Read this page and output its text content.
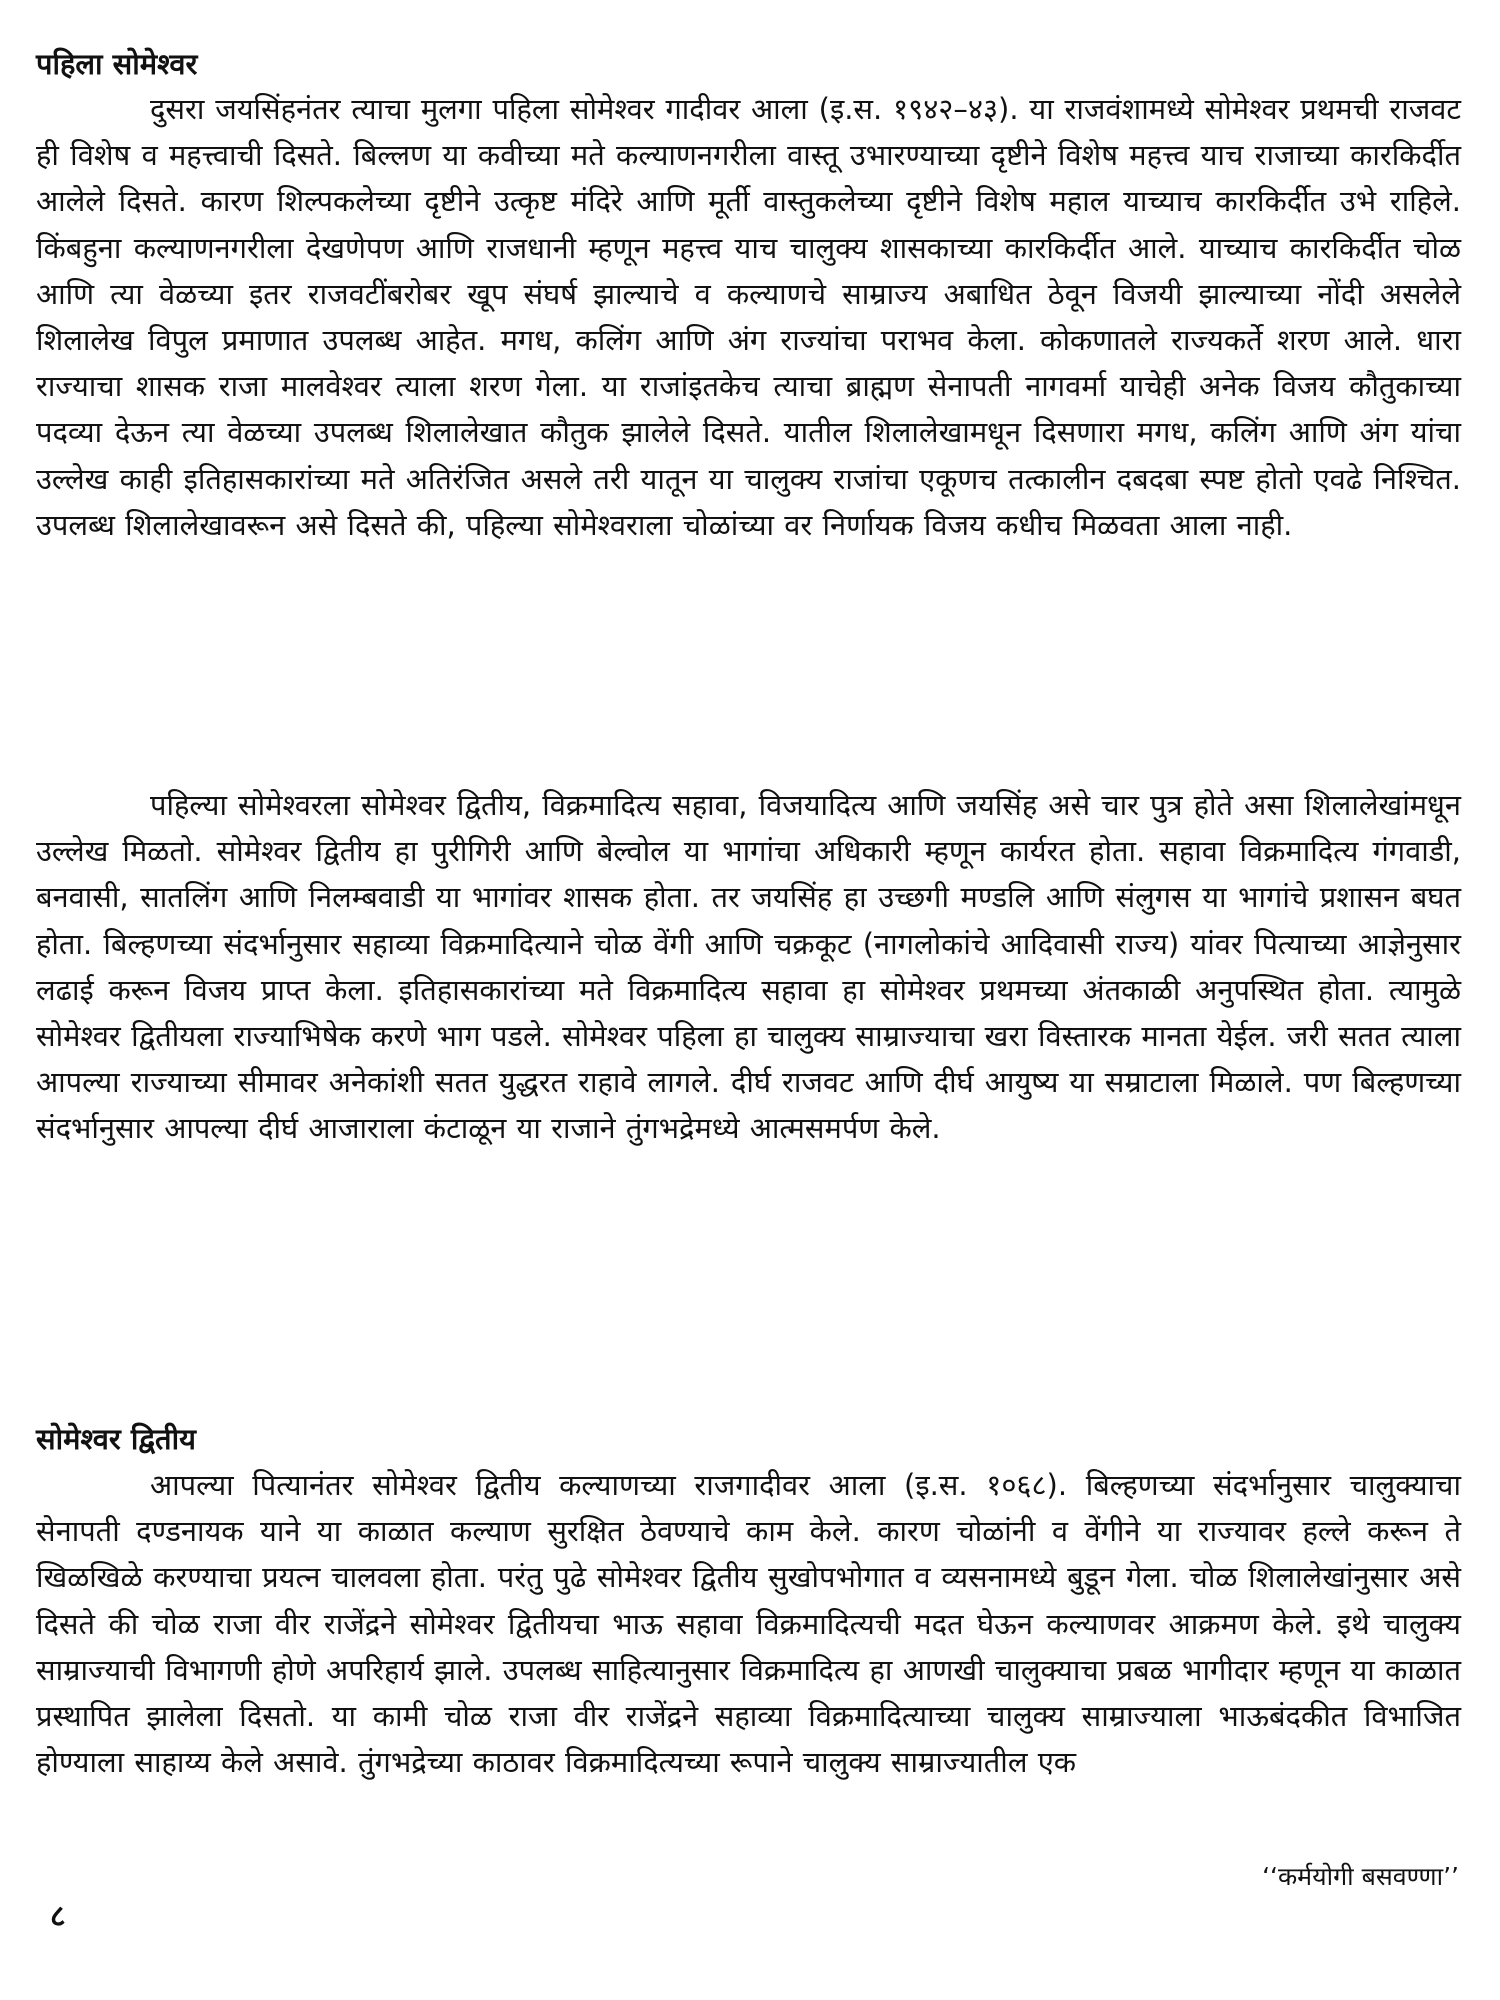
पहिला सोमेश्वर

दुसरा जयसिंहनंतर त्याचा मुलगा पहिला सोमेश्वर गादीवर आला (इ.स. १९४२–४३). या राजवंशामध्ये सोमेश्वर प्रथमची राजवट ही विशेष व महत्त्वाची दिसते. बिल्लण या कवीच्या मते कल्याणनगरीला वास्तू उभारण्याच्या दृष्टीने विशेष महत्त्व याच राजाच्या कारकिर्दीत आलेले दिसते. कारण शिल्पकलेच्या दृष्टीने उत्कृष्ट मंदिरे आणि मूर्ती वास्तुकलेच्या दृष्टीने विशेष महाल याच्याच कारकिर्दीत उभे राहिले. किंबहुना कल्याणनगरीला देखणेपण आणि राजधानी म्हणून महत्त्व याच चालुक्य शासकाच्या कारकिर्दीत आले. याच्याच कारकिर्दीत चोळ आणि त्या वेळच्या इतर राजवटींबरोबर खूप संघर्ष झाल्याचे व कल्याणचे साम्राज्य अबाधित ठेवून विजयी झाल्याच्या नोंदी असलेले शिलालेख विपुल प्रमाणात उपलब्ध आहेत. मगध, कलिंग आणि अंग राज्यांचा पराभव केला. कोकणातले राज्यकर्ते शरण आले. धारा राज्याचा शासक राजा मालवेश्वर त्याला शरण गेला. या राजांइतकेच त्याचा ब्राह्मण सेनापती नागवर्मा याचेही अनेक विजय कौतुकाच्या पदव्या देऊन त्या वेळच्या उपलब्ध शिलालेखात कौतुक झालेले दिसते. यातील शिलालेखामधून दिसणारा मगध, कलिंग आणि अंग यांचा उल्लेख काही इतिहासकारांच्या मते अतिरंजित असले तरी यातून या चालुक्य राजांचा एकूणच तत्कालीन दबदबा स्पष्ट होतो एवढे निश्चित. उपलब्ध शिलालेखावरून असे दिसते की, पहिल्या सोमेश्वराला चोळांच्या वर निर्णायक विजय कधीच मिळवता आला नाही.

पहिल्या सोमेश्वरला सोमेश्वर द्वितीय, विक्रमादित्य सहावा, विजयादित्य आणि जयसिंह असे चार पुत्र होते असा शिलालेखांमधून उल्लेख मिळतो. सोमेश्वर द्वितीय हा पुरीगिरी आणि बेल्वोल या भागांचा अधिकारी म्हणून कार्यरत होता. सहावा विक्रमादित्य गंगवाडी, बनवासी, सातलिंग आणि निलम्बवाडी या भागांवर शासक होता. तर जयसिंह हा उच्छगी मण्डलि आणि संलुगस या भागांचे प्रशासन बघत होता. बिल्हणच्या संदर्भानुसार सहाव्या विक्रमादित्याने चोळ वेंगी आणि चक्रकूट (नागलोकांचे आदिवासी राज्य) यांवर पित्याच्या आज्ञेनुसार लढाई करून विजय प्राप्त केला. इतिहासकारांच्या मते विक्रमादित्य सहावा हा सोमेश्वर प्रथमच्या अंतकाळी अनुपस्थित होता. त्यामुळे सोमेश्वर द्वितीयला राज्याभिषेक करणे भाग पडले. सोमेश्वर पहिला हा चालुक्य साम्राज्याचा खरा विस्तारक मानता येईल. जरी सतत त्याला आपल्या राज्याच्या सीमावर अनेकांशी सतत युद्धरत राहावे लागले. दीर्घ राजवट आणि दीर्घ आयुष्य या सम्राटाला मिळाले. पण बिल्हणच्या संदर्भानुसार आपल्या दीर्घ आजाराला कंटाळून या राजाने तुंगभद्रेमध्ये आत्मसमर्पण केले.

सोमेश्वर द्वितीय

आपल्या पित्यानंतर सोमेश्वर द्वितीय कल्याणच्या राजगादीवर आला (इ.स. १०६८). बिल्हणच्या संदर्भानुसार चालुक्याचा सेनापती दण्डनायक याने या काळात कल्याण सुरक्षित ठेवण्याचे काम केले. कारण चोळांनी व वेंगीने या राज्यावर हल्ले करून ते खिळखिळे करण्याचा प्रयत्न चालवला होता. परंतु पुढे सोमेश्वर द्वितीय सुखोपभोगात व व्यसनामध्ये बुडून गेला. चोळ शिलालेखांनुसार असे दिसते की चोळ राजा वीर राजेंद्रने सोमेश्वर द्वितीयचा भाऊ सहावा विक्रमादित्यची मदत घेऊन कल्याणवर आक्रमण केले. इथे चालुक्य साम्राज्याची विभागणी होणे अपरिहार्य झाले. उपलब्ध साहित्यानुसार विक्रमादित्य हा आणखी चालुक्याचा प्रबळ भागीदार म्हणून या काळात प्रस्थापित झालेला दिसतो. या कामी चोळ राजा वीर राजेंद्रने सहाव्या विक्रमादित्याच्या चालुक्य साम्राज्याला भाऊबंदकीत विभाजित होण्याला साहाय्य केले असावे. तुंगभद्रेच्या काठावर विक्रमादित्यच्या रूपाने चालुक्य साम्राज्यातील एक

८
‘‘कर्मयोगी बसवण्णा’’
